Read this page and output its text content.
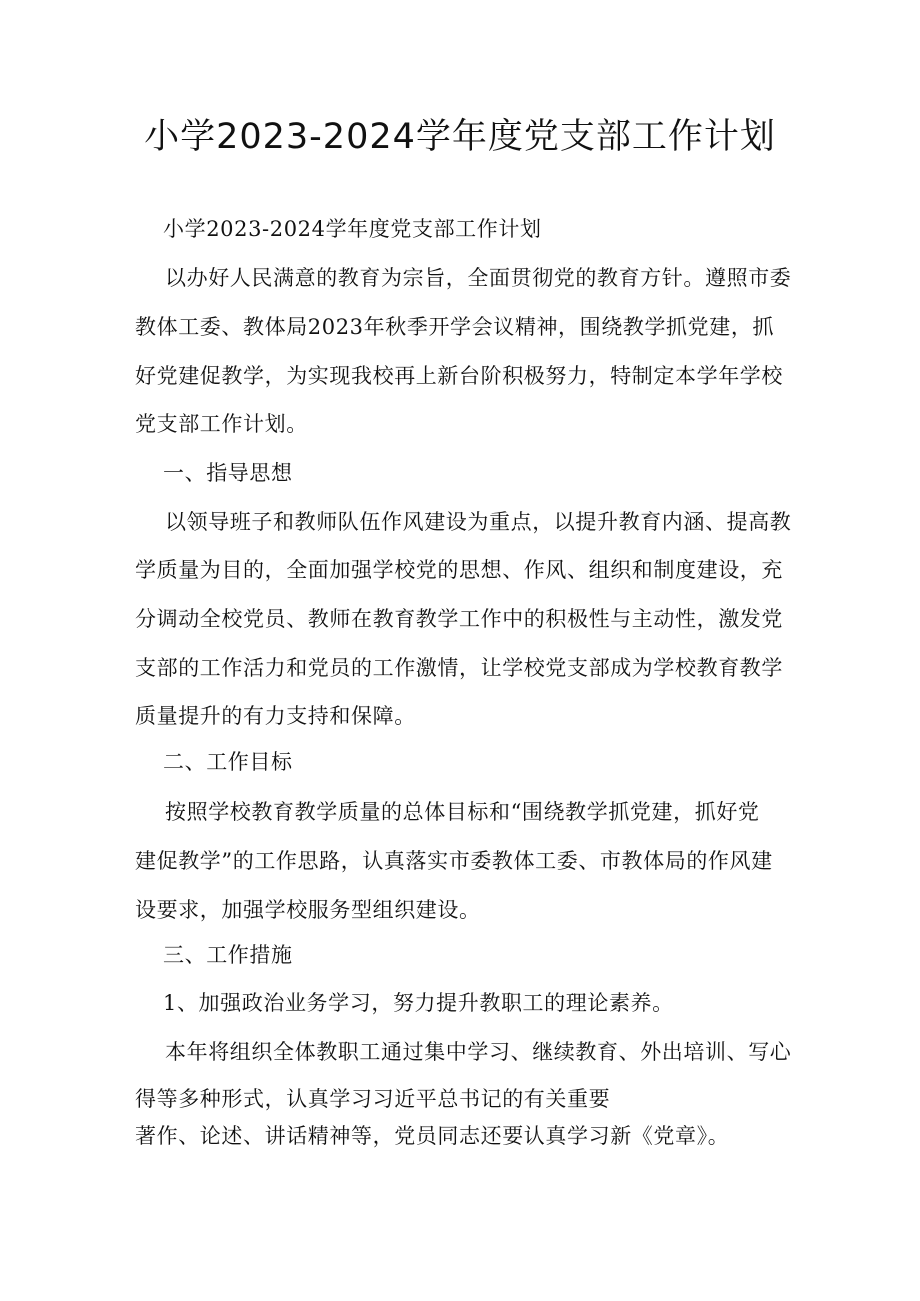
小学2023-2024学年度党支部工作计划
小学2023-2024学年度党支部工作计划
以办好人民满意的教育为宗旨，全面贯彻党的教育方针。遵照市委
教体工委、教体局2023年秋季开学会议精神，围绕教学抓党建，抓
好党建促教学，为实现我校再上新台阶积极努力，特制定本学年学校
党支部工作计划。
一、指导思想
以领导班子和教师队伍作风建设为重点，以提升教育内涵、提高教
学质量为目的，全面加强学校党的思想、作风、组织和制度建设，充
分调动全校党员、教师在教育教学工作中的积极性与主动性，激发党
支部的工作活力和党员的工作激情，让学校党支部成为学校教育教学
质量提升的有力支持和保障。
二、工作目标
按照学校教育教学质量的总体目标和“围绕教学抓党建，抓好党
建促教学”的工作思路，认真落实市委教体工委、市教体局的作风建
设要求，加强学校服务型组织建设。
三、工作措施
1、加强政治业务学习，努力提升教职工的理论素养。
本年将组织全体教职工通过集中学习、继续教育、外出培训、写心
得等多种形式，认真学习习近平总书记的有关重要
著作、论述、讲话精神等，党员同志还要认真学习新《党章》。
